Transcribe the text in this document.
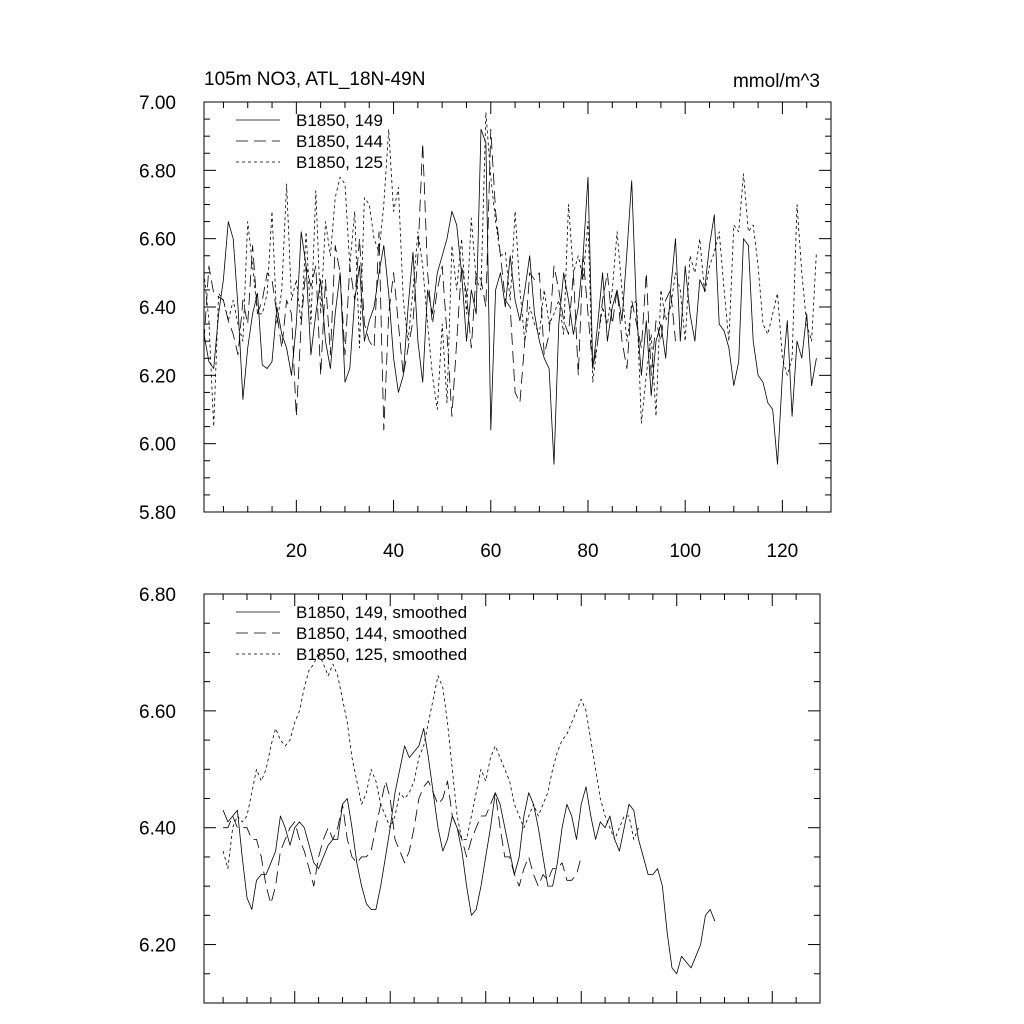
105m NO3, ATL_18N-49N	mmol/m^3
20	40	60	80	100	120
5.80
6.00
6.20
6.40
6.60
6.80
7.00
B1850, 149
B1850, 144
B1850, 125
6.20
6.40
6.60
6.80
B1850, 149, smoothed
B1850, 144, smoothed
B1850, 125, smoothed
